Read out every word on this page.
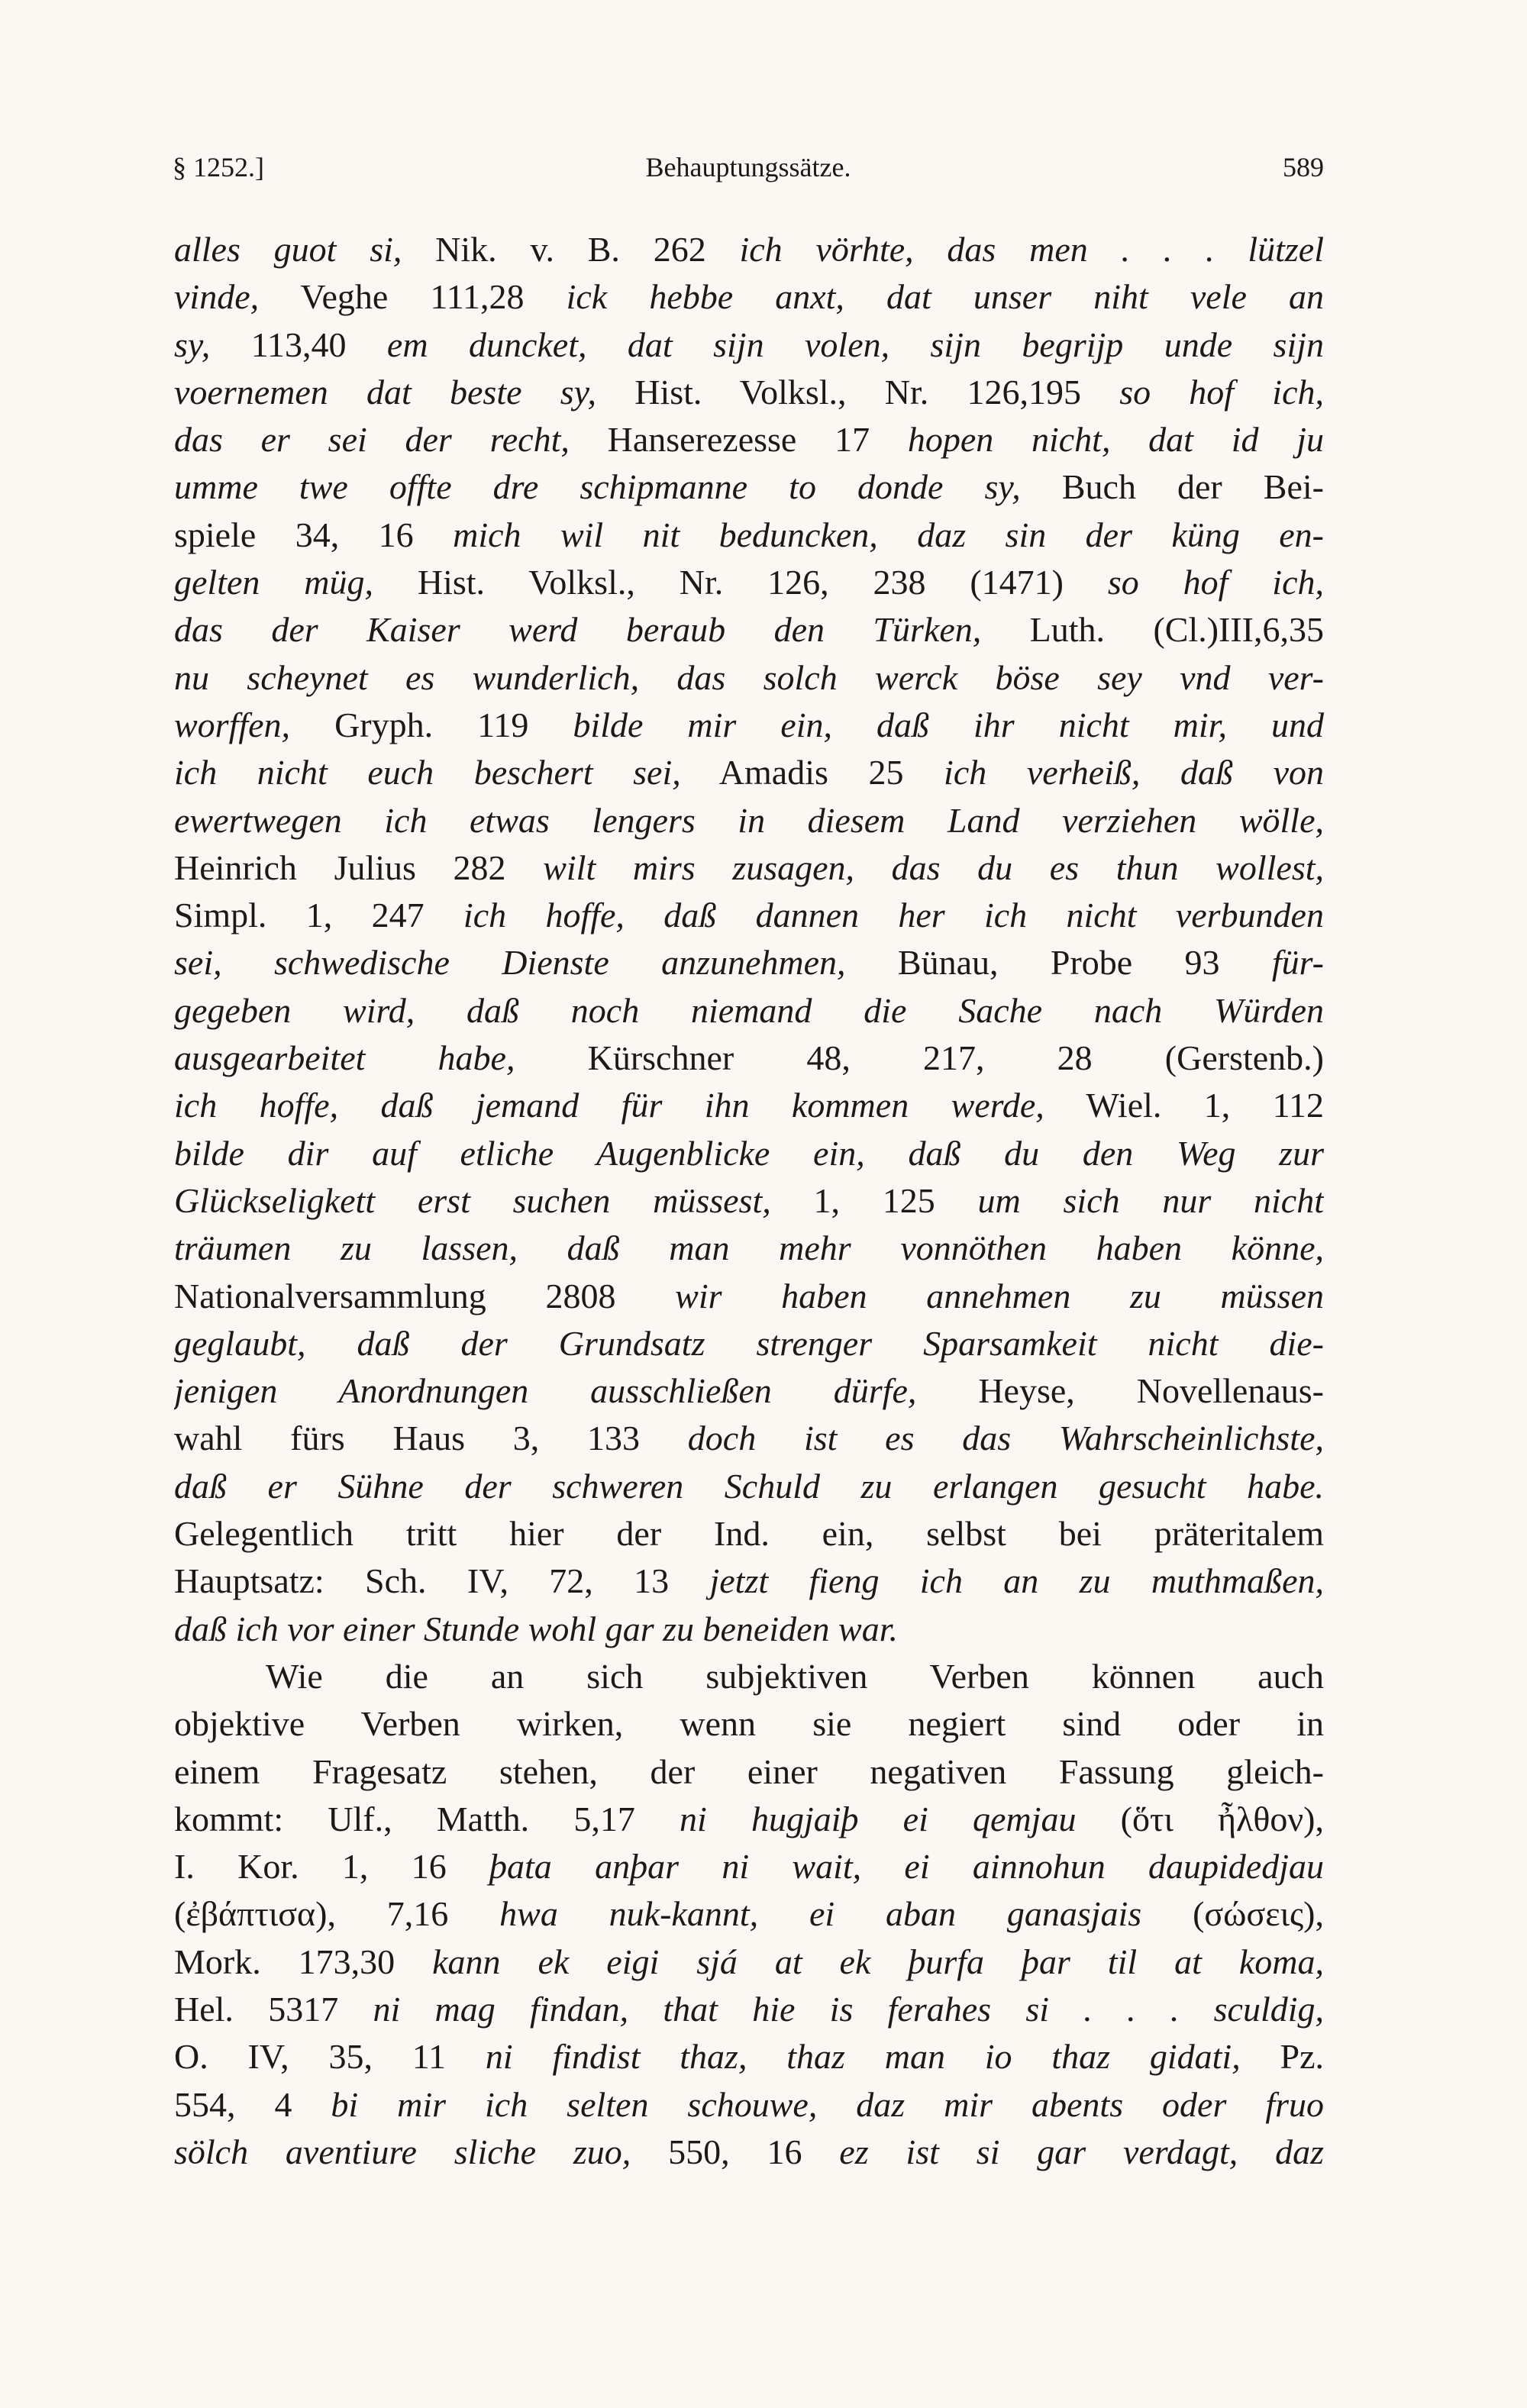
§ 1252.]	Behauptungssätze.	589
alles guot si, Nik. v. B. 262 ich vörhte, das men . . . lützel
vinde, Veghe 111,28 ick hebbe anxt, dat unser niht vele an
sy, 113,40 em duncket, dat sijn volen, sijn begrijp unde sijn
voernemen dat beste sy, Hist. Volksl., Nr. 126,195 so hof ich,
das er sei der recht, Hanserezesse 17 hopen nicht, dat id ju
umme twe offte dre schipmanne to donde sy, Buch der Bei-
spiele 34, 16 mich wil nit beduncken, daz sin der küng en-
gelten müg, Hist. Volksl., Nr. 126, 238 (1471) so hof ich,
das der Kaiser werd beraub den Türken, Luth. (Cl.)III,6,35
nu scheynet es wunderlich, das solch werck böse sey vnd ver-
worffen, Gryph. 119 bilde mir ein, daß ihr nicht mir, und
ich nicht euch beschert sei, Amadis 25 ich verheiß, daß von
ewertwegen ich etwas lengers in diesem Land verziehen wölle,
Heinrich Julius 282 wilt mirs zusagen, das du es thun wollest,
Simpl. 1, 247 ich hoffe, daß dannen her ich nicht verbunden
sei, schwedische Dienste anzunehmen, Bünau, Probe 93 für-
gegeben wird, daß noch niemand die Sache nach Würden
ausgearbeitet habe, Kürschner 48, 217, 28 (Gerstenb.)
ich hoffe, daß jemand für ihn kommen werde, Wiel. 1, 112
bilde dir auf etliche Augenblicke ein, daß du den Weg zur
Glückseligkett erst suchen müssest, 1, 125 um sich nur nicht
träumen zu lassen, daß man mehr vonnöthen haben könne,
Nationalversammlung 2808 wir haben annehmen zu müssen
geglaubt, daß der Grundsatz strenger Sparsamkeit nicht die-
jenigen Anordnungen ausschließen dürfe, Heyse, Novellenaus-
wahl fürs Haus 3, 133 doch ist es das Wahrscheinlichste,
daß er Sühne der schweren Schuld zu erlangen gesucht habe.
Gelegentlich tritt hier der Ind. ein, selbst bei präteritalem
Hauptsatz: Sch. IV, 72, 13 jetzt fieng ich an zu muthmaßen,
daß ich vor einer Stunde wohl gar zu beneiden war.
Wie die an sich subjektiven Verben können auch
objektive Verben wirken, wenn sie negiert sind oder in
einem Fragesatz stehen, der einer negativen Fassung gleich-
kommt: Ulf., Matth. 5,17 ni hugjaiþ ei qemjau (ὅτι ἦλθον),
I. Kor. 1, 16 þata anþar ni wait, ei ainnohun daupidedjau
(ἐβάπτισα), 7,16 hwa nuk-kannt, ei aban ganasjais (σώσεις),
Mork. 173,30 kann ek eigi sjá at ek þurfa þar til at koma,
Hel. 5317 ni mag findan, that hie is ferahes si . . . sculdig,
O. IV, 35, 11 ni findist thaz, thaz man io thaz gidati, Pz.
554, 4 bi mir ich selten schouwe, daz mir abents oder fruo
sölch aventiure sliche zuo, 550, 16 ez ist si gar verdagt, daz
